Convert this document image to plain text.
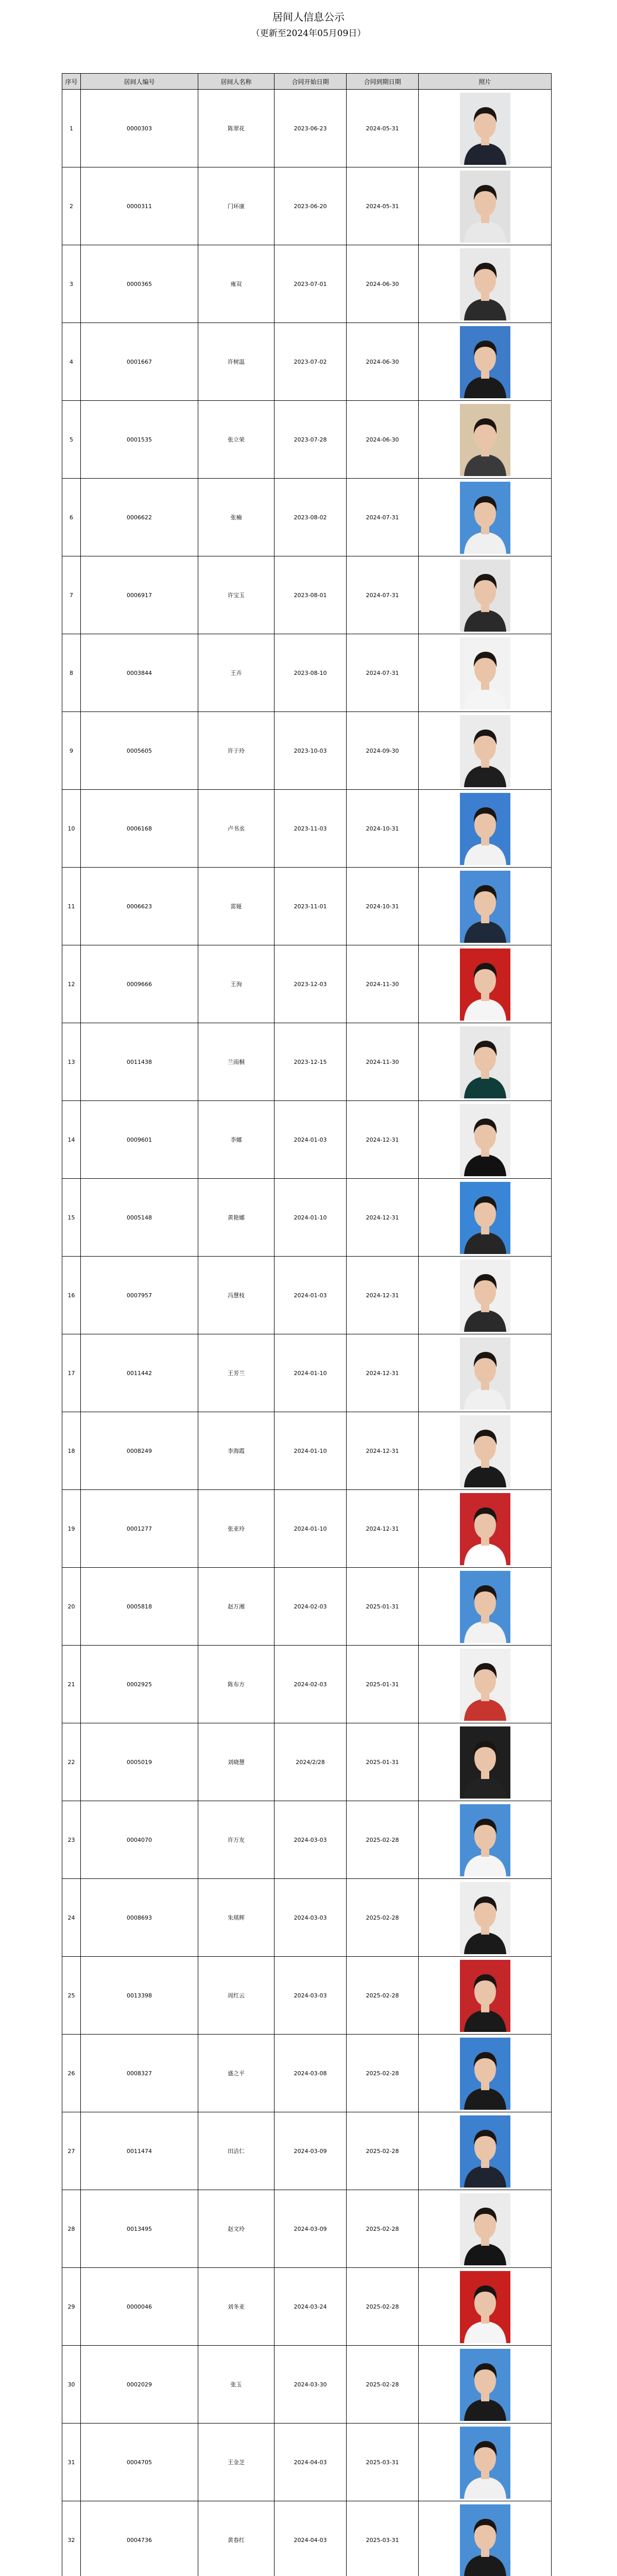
居间人信息公示
（更新至2024年05月09日）
序号	居间人编号	居间人名称	合同开始日期	合同到期日期	照片
1	0000303	陈翠花	2023-06-23	2024-05-31	

2	0000311	门环康	2023-06-20	2024-05-31	

3	0000365	雍双	2023-07-01	2024-06-30	

4	0001667	许树温	2023-07-02	2024-06-30	

5	0001535	张立荣	2023-07-28	2024-06-30	

6	0006622	张楠	2023-08-02	2024-07-31	

7	0006917	许宝玉	2023-08-01	2024-07-31	

8	0003844	王卉	2023-08-10	2024-07-31	

9	0005605	许于玲	2023-10-03	2024-09-30	

10	0006168	卢书丞	2023-11-03	2024-10-31	

11	0006623	雷娅	2023-11-01	2024-10-31	

12	0009666	王洵	2023-12-03	2024-11-30	

13	0011438	兰雨桐	2023-12-15	2024-11-30	

14	0009601	李娜	2024-01-03	2024-12-31	

15	0005148	黄艳娜	2024-01-10	2024-12-31	

16	0007957	冯慧枝	2024-01-03	2024-12-31	

17	0011442	王芳兰	2024-01-10	2024-12-31	

18	0008249	李海霞	2024-01-10	2024-12-31	

19	0001277	张亚玲	2024-01-10	2024-12-31	

20	0005818	赵万湘	2024-02-03	2025-01-31	

21	0002925	陈布方	2024-02-03	2025-01-31	

22	0005019	刘晓慧	2024/2/28	2025-01-31	

23	0004070	许万友	2024-03-03	2025-02-28	

24	0008693	朱琪辉	2024-03-03	2025-02-28	

25	0013398	周红云	2024-03-03	2025-02-28	

26	0008327	盛之平	2024-03-08	2025-02-28	

27	0011474	田洁仁	2024-03-09	2025-02-28	

28	0013495	赵文玲	2024-03-09	2025-02-28	

29	0000046	刘冬亚	2024-03-24	2025-02-28	

30	0002029	张玉	2024-03-30	2025-02-28	

31	0004705	王金芝	2024-04-03	2025-03-31	

32	0004736	黄春红	2024-04-03	2025-03-31	
